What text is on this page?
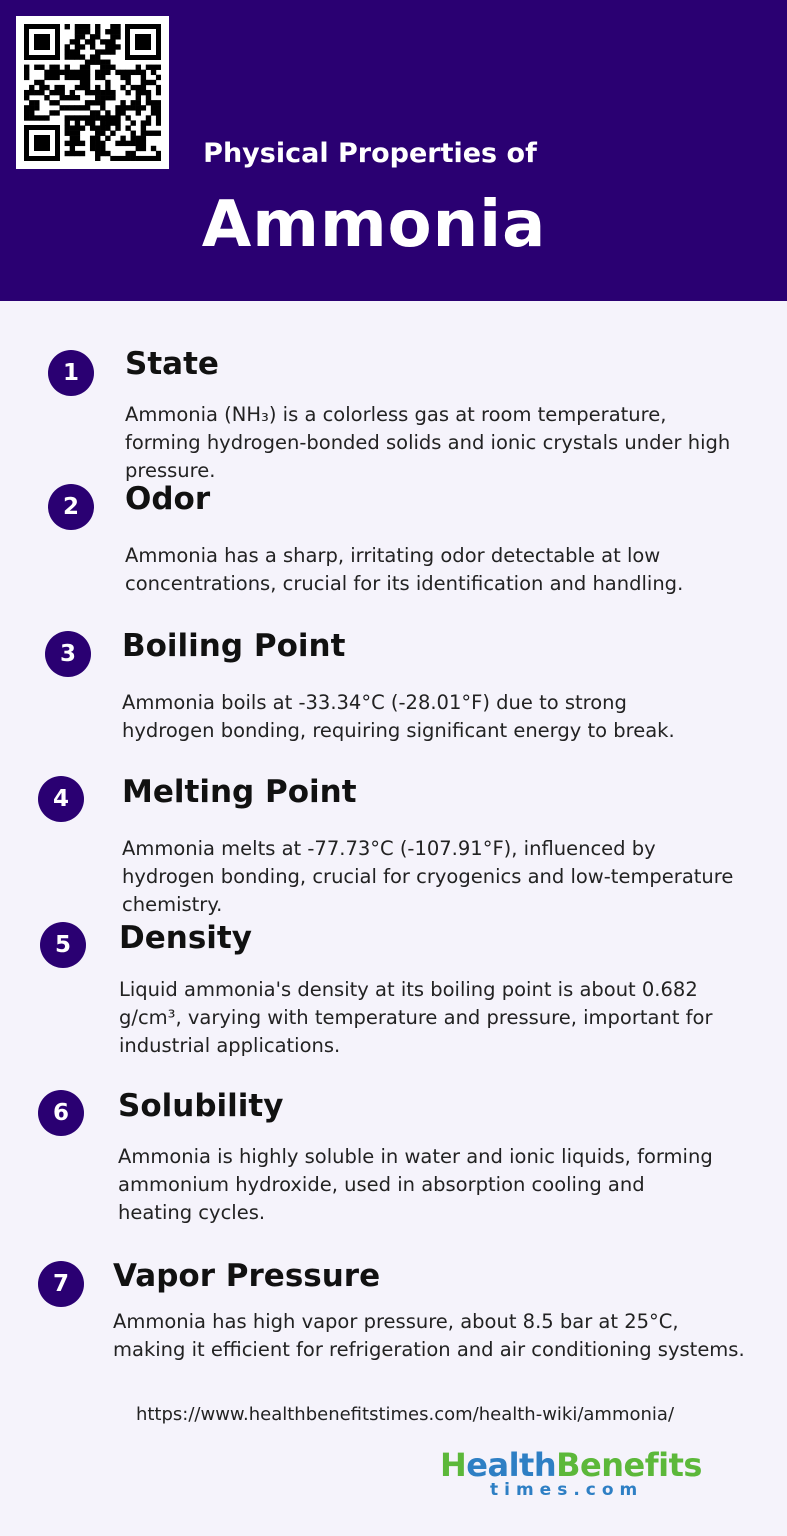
Physical Properties of
Ammonia
1	State
Ammonia (NH₃) is a colorless gas at room temperature, forming hydrogen-bonded solids and ionic crystals under high pressure.
2	Odor
Ammonia has a sharp, irritating odor detectable at low concentrations, crucial for its identification and handling.
3	Boiling Point
Ammonia boils at -33.34°C (-28.01°F) due to strong hydrogen bonding, requiring significant energy to break.
4	Melting Point
Ammonia melts at -77.73°C (-107.91°F), influenced by hydrogen bonding, crucial for cryogenics and low-temperature chemistry.
5	Density
Liquid ammonia's density at its boiling point is about 0.682 g/cm³, varying with temperature and pressure, important for industrial applications.
6	Solubility
Ammonia is highly soluble in water and ionic liquids, forming ammonium hydroxide, used in absorption cooling and heating cycles.
7	Vapor Pressure
Ammonia has high vapor pressure, about 8.5 bar at 25°C, making it efficient for refrigeration and air conditioning systems.
https://www.healthbenefitstimes.com/health-wiki/ammonia/
HealthBenefits
times.com
